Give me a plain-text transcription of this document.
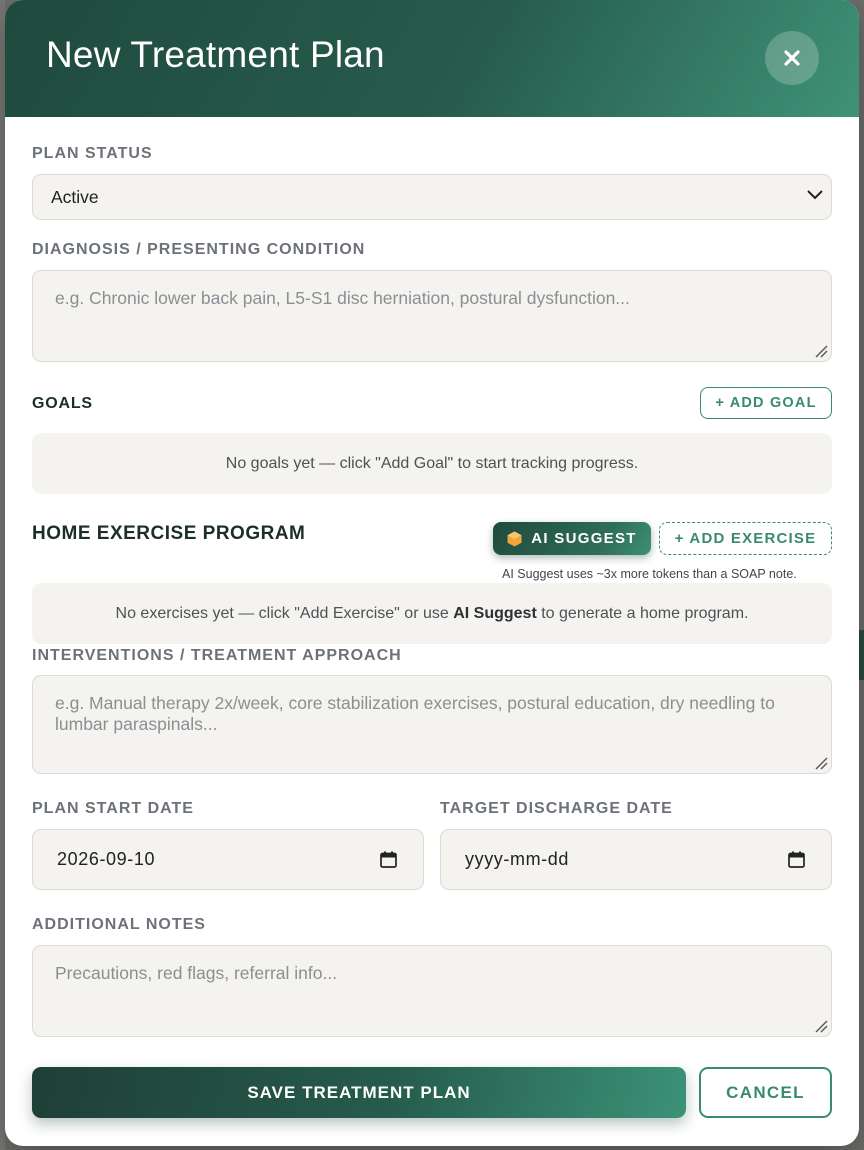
New Treatment Plan
PLAN STATUS
Active
DIAGNOSIS / PRESENTING CONDITION
e.g. Chronic lower back pain, L5-S1 disc herniation, postural dysfunction...
GOALS	+ ADD GOAL
No goals yet — click "Add Goal" to start tracking progress.
HOME EXERCISE PROGRAM	AI SUGGEST	+ ADD EXERCISE
AI Suggest uses ~3x more tokens than a SOAP note.
No exercises yet — click "Add Exercise" or use AI Suggest to generate a home program.
INTERVENTIONS / TREATMENT APPROACH
e.g. Manual therapy 2x/week, core stabilization exercises, postural education, dry needling to lumbar paraspinals...
PLAN START DATE
2026-09-10
TARGET DISCHARGE DATE
yyyy-mm-dd
ADDITIONAL NOTES
Precautions, red flags, referral info...
SAVE TREATMENT PLAN	CANCEL
